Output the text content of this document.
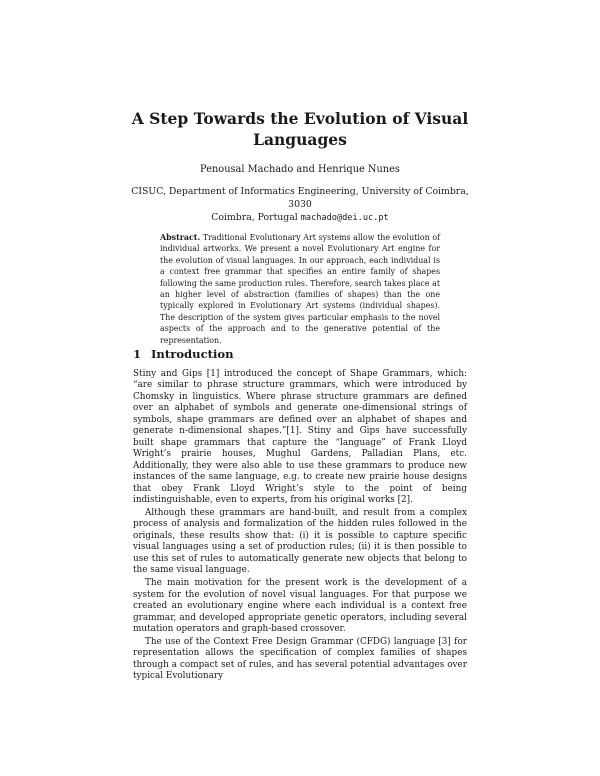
A Step Towards the Evolution of Visual Languages
Penousal Machado and Henrique Nunes
CISUC, Department of Informatics Engineering, University of Coimbra, 3030
Coimbra, Portugal machado@dei.uc.pt

Abstract. Traditional Evolutionary Art systems allow the evolution of individual artworks. We present a novel Evolutionary Art engine for the evolution of visual languages. In our approach, each individual is a context free grammar that specifies an entire family of shapes following the same production rules. Therefore, search takes place at an higher level of abstraction (families of shapes) than the one typically explored in Evolutionary Art systems (individual shapes). The description of the system gives particular emphasis to the novel aspects of the approach and to the generative potential of the representation.

1 Introduction

Stiny and Gips [1] introduced the concept of Shape Grammars, which: “are similar to phrase structure grammars, which were introduced by Chomsky in linguistics. Where phrase structure grammars are defined over an alphabet of symbols and generate one-dimensional strings of symbols, shape grammars are defined over an alphabet of shapes and generate n-dimensional shapes.”[1]. Stiny and Gips have successfully built shape grammars that capture the “language” of Frank Lloyd Wright’s prairie houses, Mughul Gardens, Palladian Plans, etc. Additionally, they were also able to use these grammars to produce new instances of the same language, e.g. to create new prairie house designs that obey Frank Lloyd Wright’s style to the point of being indistinguishable, even to experts, from his original works [2].

Although these grammars are hand-built, and result from a complex process of analysis and formalization of the hidden rules followed in the originals, these results show that: (i) it is possible to capture specific visual languages using a set of production rules; (ii) it is then possible to use this set of rules to automatically generate new objects that belong to the same visual language.

The main motivation for the present work is the development of a system for the evolution of novel visual languages. For that purpose we created an evolutionary engine where each individual is a context free grammar, and developed appropriate genetic operators, including several mutation operators and graph-based crossover.

The use of the Context Free Design Grammar (CFDG) language [3] for representation allows the specification of complex families of shapes through a compact set of rules, and has several potential advantages over typical Evolutionary
